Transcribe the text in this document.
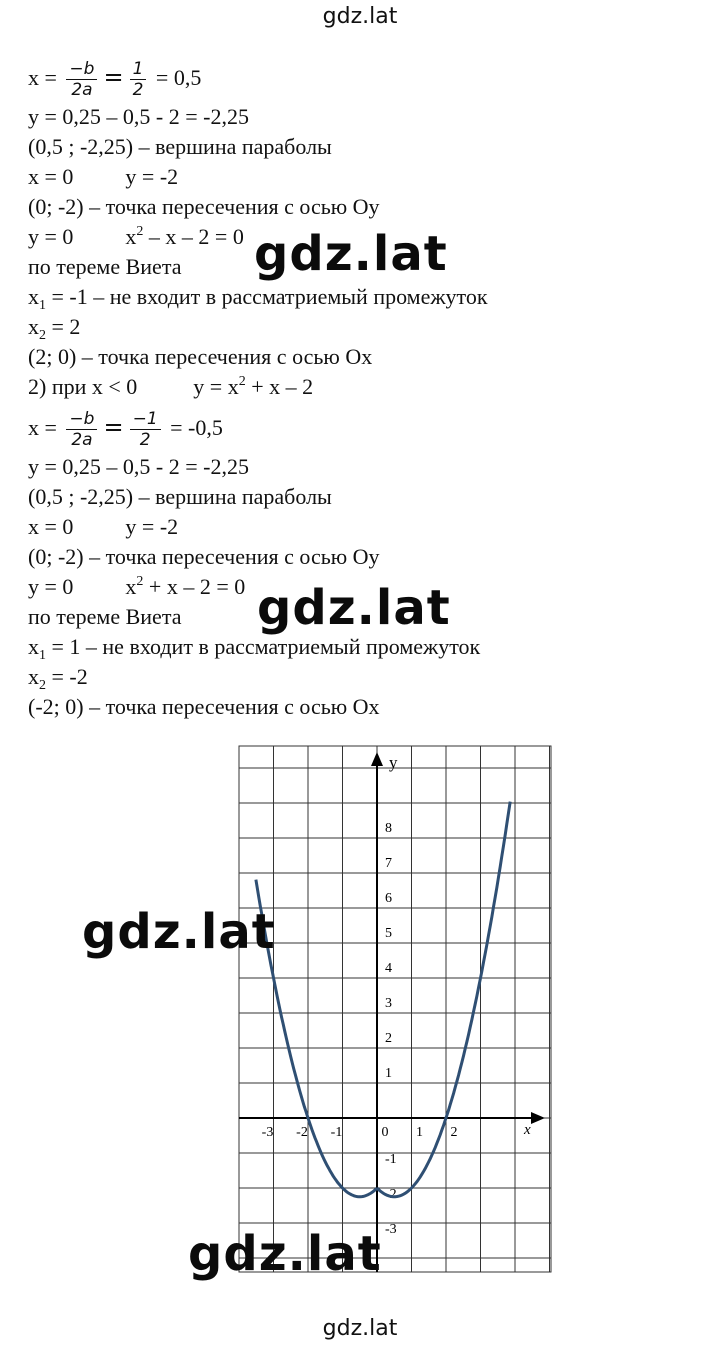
gdz.lat
$x = \frac{-b}{2a} = \frac{1}{2} = 0,5$
y = 0,25 – 0,5 - 2 = -2,25
(0,5 ; -2,25) – вершина параболы
x = 0 y = -2
(0; -2) – точка пересечения с осью Оy
y = 0 $x^2 - x - 2 = 0$
по тереме Виета
$x_1 = -1$ – не входит в рассматриемый промежуток
$x_2 = 2$
(2; 0) – точка пересечения с осью Ox
2) при x < 0	$y = x^2 + x - 2$
$x = \frac{-b}{2a} = \frac{-1}{2} = -0,5$
y = 0,25 – 0,5 - 2 = -2,25
(0,5 ; -2,25) – вершина параболы
x = 0 y = -2
(0; -2) – точка пересечения с осью Оy
y = 0 $x^2 + x - 2 = 0$
по тереме Виета
$x_1 = 1$ – не входит в рассматриемый промежуток
$x_2 = -2$
(-2; 0) – точка пересечения с осью Ox
x
y
-3 -2 -1	0 1 2
8
7
6
5
4
3
2
1
-1
-2
-3
gdz.lat
gdz.lat
gdz.lat
gdz.lat
gdz.lat
